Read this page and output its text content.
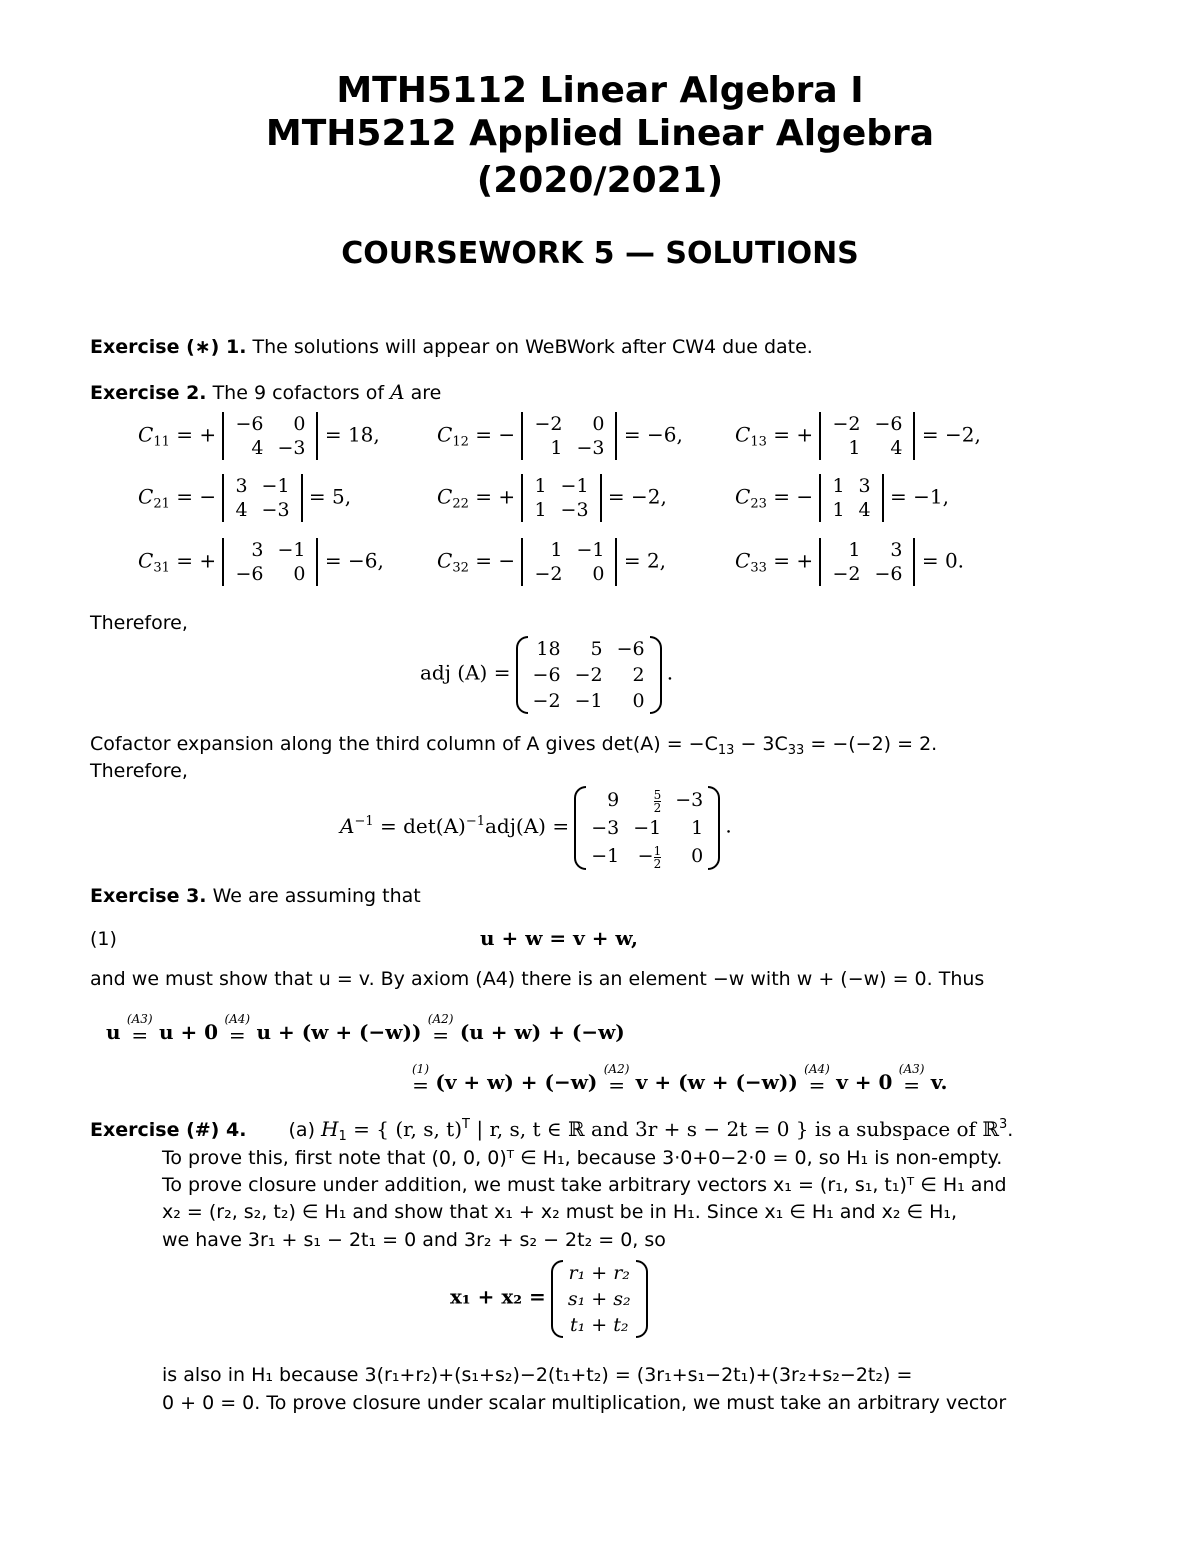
MTH5112 Linear Algebra I
MTH5212 Applied Linear Algebra
(2020/2021)
COURSEWORK 5 — SOLUTIONS
Exercise (∗) 1. The solutions will appear on WeBWork after CW4 due date.
Exercise 2. The 9 cofactors of A are
$C_{11}$ = + −6	0
4	−3
= 18,	$C_{12}$ = − −2	0
1	−3
= −6,	$C_{13}$ = + −2	−6
1	4
= −2,
$C_{21}$ = − 3	−1
4	−3
= 5,	$C_{22}$ = + 1	−1
1	−3
= −2,	$C_{23}$ = − 1	3
1	4
= −1,
$C_{31}$ = + 3	−1
−6	0
= −6,	$C_{32}$ = − 1	−1
−2	0
= 2,	$C_{33}$ = + 1	3
−2	−6
= 0.
Therefore,
adj (A) =
18	5	−6
−6	−2	2
−2	−1	0
.
Cofactor expansion along the third column of A gives $\det(A) = -C_{13} - 3C_{33} = -(-2) = 2$.
Therefore,
$A^{-1} = \det(A)^{-1}adj(A)$ =
9	$\frac{5}{2}$	−3
−3	−1	1
−1	− $\frac{1}{2}$	0
.
Exercise 3. We are assuming that
(1)	u + w = v + w,
and we must show that u = v. By axiom (A4) there is an element −w with w + (−w) = 0. Thus
u
(A3)
= u + 0
(A4)
= u + (w + (−w))
(A2)
= (u + w) + (−w)
(1)
= (v + w) + (−w)
(A2)
= v + (w + (−w))
(A4)
= v + 0
(A3)
= v.
Exercise (#) 4. (a) $H_1$ = { (r, s, t)$^T$ | r, s, t ∈ ℝ and 3r + s − 2t = 0 } is a subspace of ℝ$^3$.
To prove this, first note that (0, 0, 0)ᵀ ∈ H₁, because 3·0+0−2·0 = 0, so H₁ is non-empty.
To prove closure under addition, we must take arbitrary vectors x₁ = (r₁, s₁, t₁)ᵀ ∈ H₁ and
x₂ = (r₂, s₂, t₂) ∈ H₁ and show that x₁ + x₂ must be in H₁. Since x₁ ∈ H₁ and x₂ ∈ H₁,
we have 3r₁ + s₁ − 2t₁ = 0 and 3r₂ + s₂ − 2t₂ = 0, so
x₁ + x₂ =
r₁ + r₂
s₁ + s₂
t₁ + t₂
is also in H₁ because 3(r₁+r₂)+(s₁+s₂)−2(t₁+t₂) = (3r₁+s₁−2t₁)+(3r₂+s₂−2t₂) =
0 + 0 = 0. To prove closure under scalar multiplication, we must take an arbitrary vector
